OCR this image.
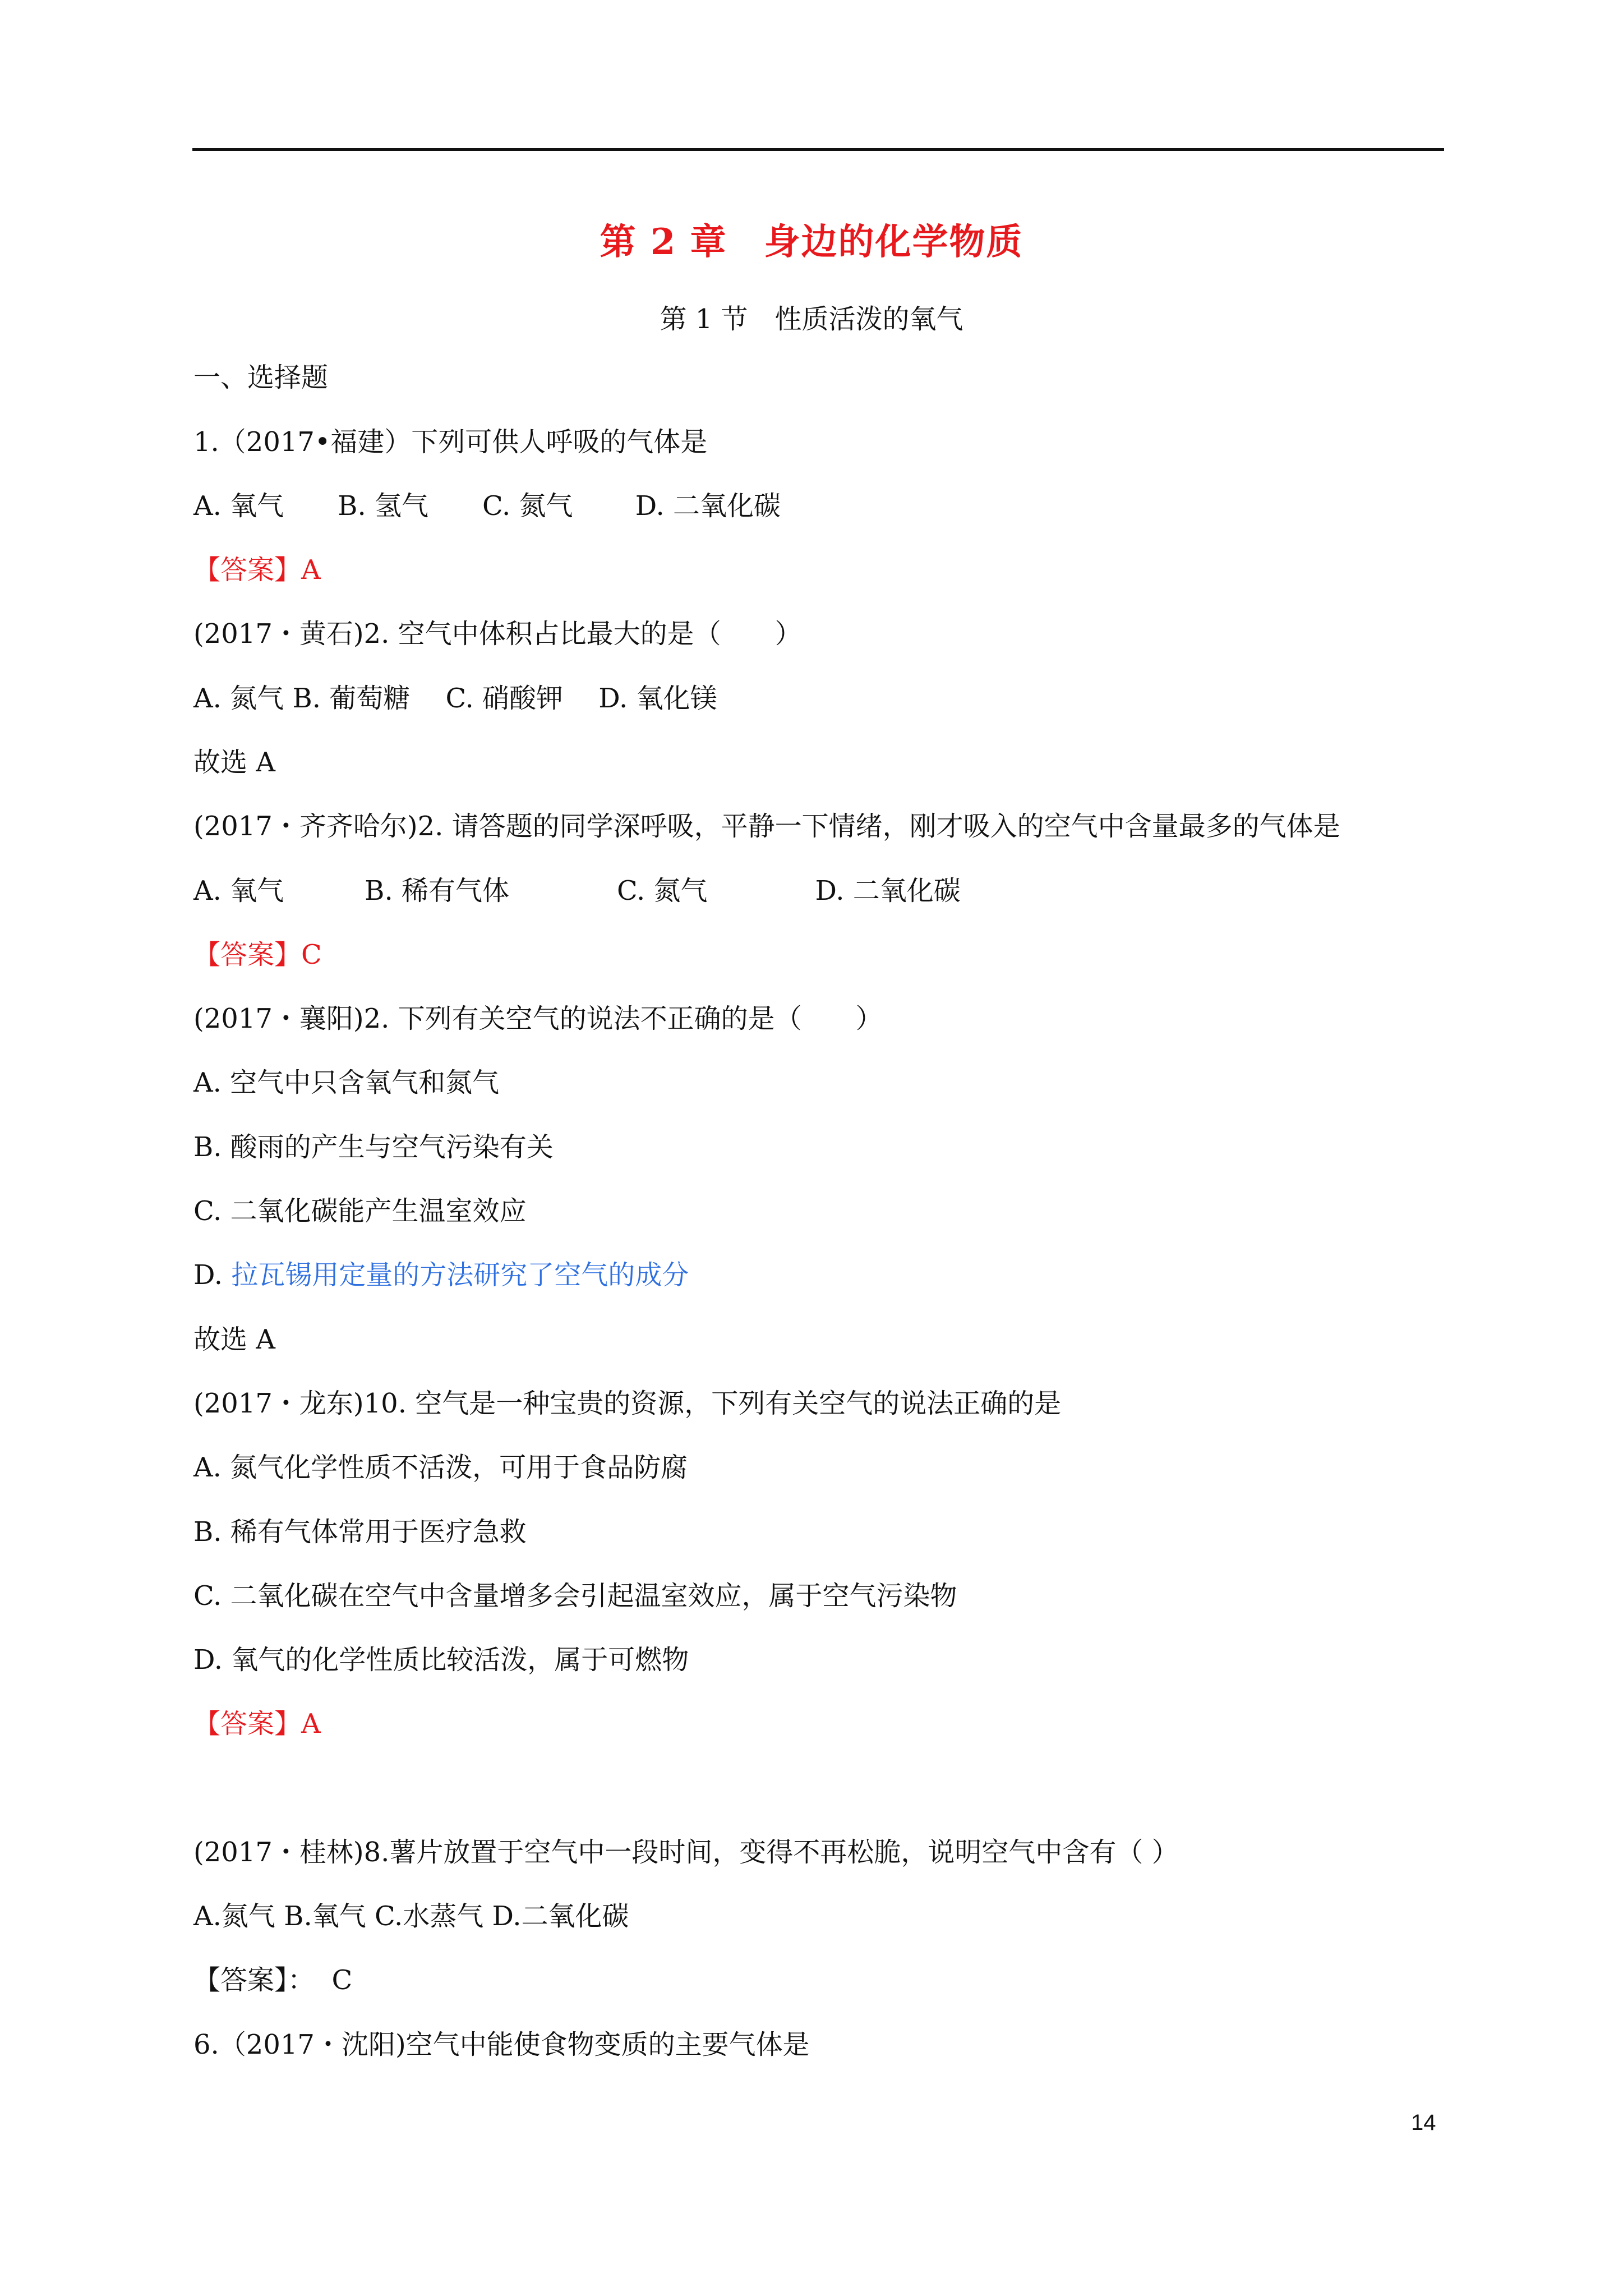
第 2 章　身边的化学物质
第 1 节　性质活泼的氧气
一、选择题
1.（2017•福建）下列可供人呼吸的气体是
A. 氧气　　B. 氢气　　C. 氮气　　 D. 二氧化碳
【答案】A
(2017・黄石)2. 空气中体积占比最大的是（　　）
A. 氮气 B. 葡萄糖　 C. 硝酸钾　 D. 氧化镁
故选 A
(2017・齐齐哈尔)2. 请答题的同学深呼吸，平静一下情绪，刚才吸入的空气中含量最多的气体是
A. 氧气　　　B. 稀有气体　　　　C. 氮气　　　　D. 二氧化碳
【答案】C
(2017・襄阳)2. 下列有关空气的说法不正确的是（　　）
A. 空气中只含氧气和氮气
B. 酸雨的产生与空气污染有关
C. 二氧化碳能产生温室效应
D. 拉瓦锡用定量的方法研究了空气的成分
故选 A
(2017・龙东)10. 空气是一种宝贵的资源，下列有关空气的说法正确的是
A. 氮气化学性质不活泼，可用于食品防腐
B. 稀有气体常用于医疗急救
C. 二氧化碳在空气中含量增多会引起温室效应，属于空气污染物
D. 氧气的化学性质比较活泼，属于可燃物
【答案】A
(2017・桂林)8.薯片放置于空气中一段时间，变得不再松脆，说明空气中含有（ ）
A.氮气 B.氧气 C.水蒸气 D.二氧化碳
【答案】：  C
6.（2017・沈阳)空气中能使食物变质的主要气体是
14
